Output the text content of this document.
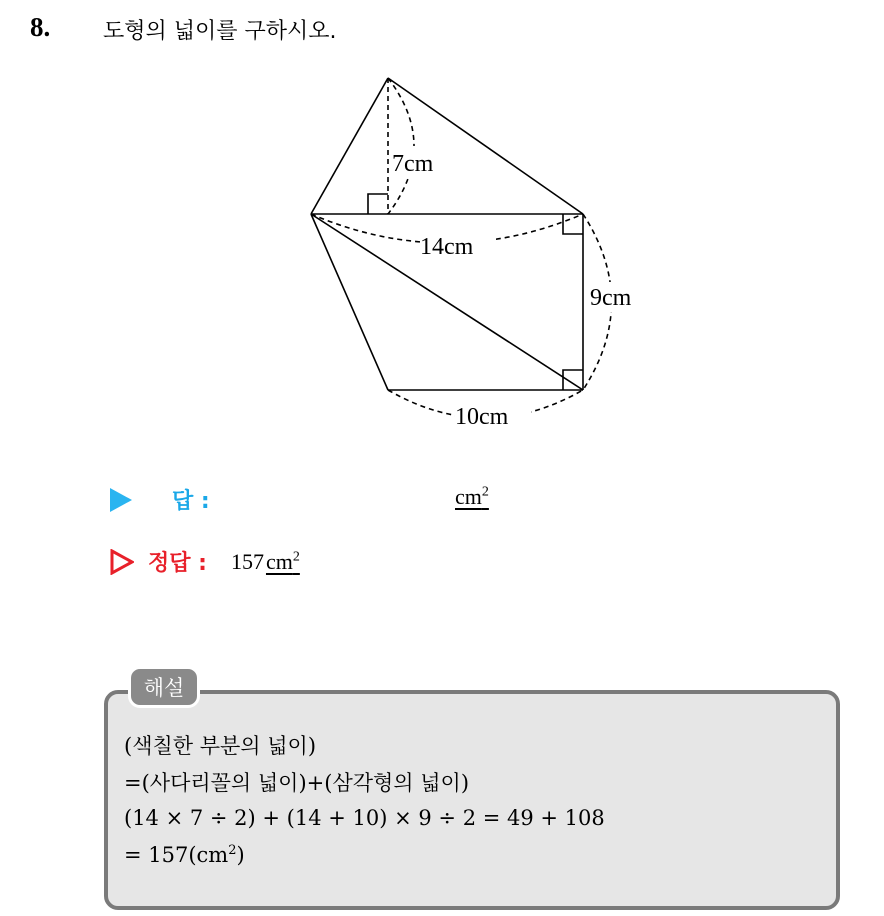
8. 도형의 넓이를 구하시오.
7cm
14cm
9cm
10cm
답 :	$cm^2$
정답 : 157 $cm^2$
해설
(색칠한 부분의 넓이)
=(사다리꼴의 넓이)+(삼각형의 넓이)
(14 × 7 ÷ 2) + (14 + 10) × 9 ÷ 2 = 49 + 108
= $157(cm^2)$
